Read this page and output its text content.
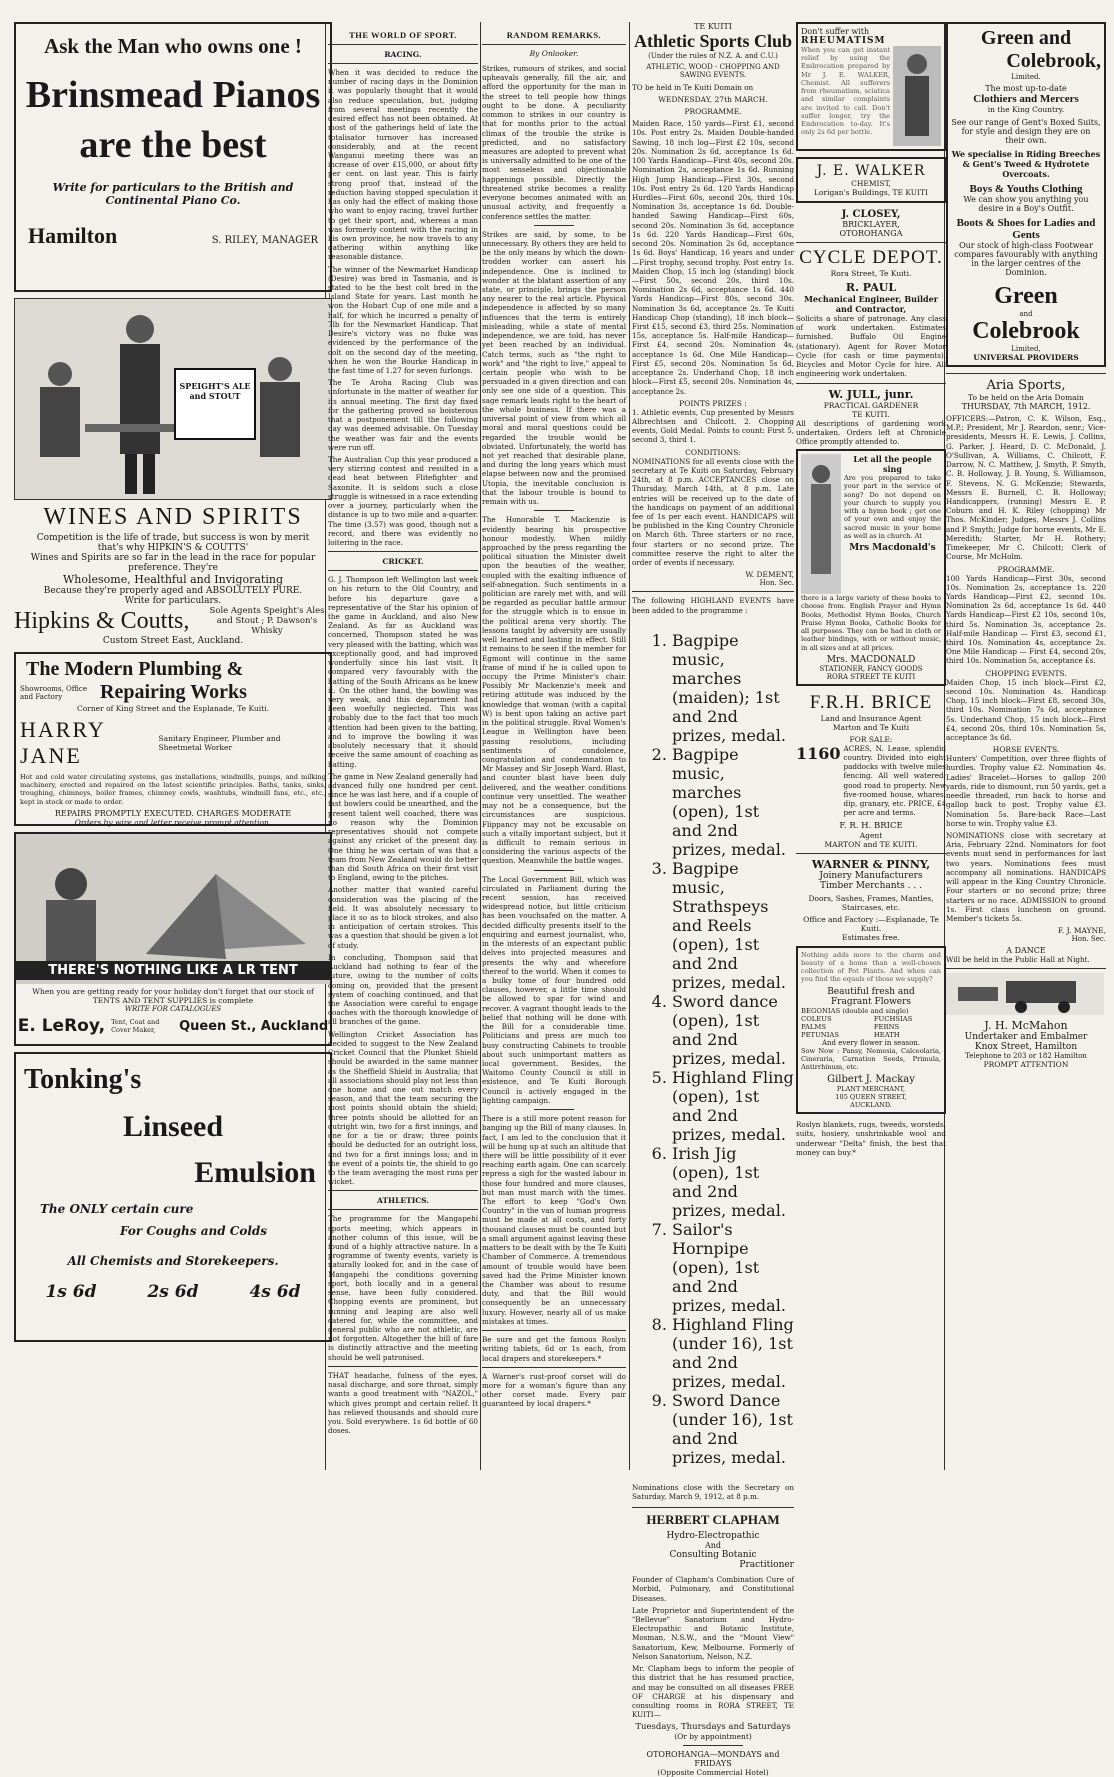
Ask the Man who owns one !
Brinsmead Pianos
are the best
Write for particulars to the British and Continental Piano Co.
Hamilton	S. RILEY, MANAGER
SPEIGHT'S ALE and STOUT
WINES AND SPIRITS
Competition is the life of trade, but success is won by merit
that's why HIPKIN'S & COUTTS'
Wines and Spirits are so far in the lead in the race for popular preference. They're
Wholesome, Healthful and Invigorating
Because they're properly aged and ABSOLUTELY PURE.
Write for particulars.
Hipkins & Coutts,	Sole Agents Speight's Ales and Stout ; P. Dawson's Whisky
Custom Street East, Auckland.
The Modern Plumbing &
Showrooms, Office and Factory	Repairing Works
Corner of King Street and the Esplanade, Te Kuiti.
HARRY JANE
Sanitary Engineer, Plumber and Sheetmetal Worker
Hot and cold water circulating systems, gas installations, windmills, pumps, and milking machinery, erected and repaired on the latest scientific principles. Baths, tanks, sinks, troughing, chimneys, boiler frames, chimney cowls, washtubs, windmill fans, etc., etc., kept in stock or made to order.
REPAIRS PROMPTLY EXECUTED. CHARGES MODERATE
Orders by wire and letter receive prompt attention.
THERE'S NOTHING LIKE A LR TENT
When you are getting ready for your holiday don't forget that our stock of TENTS AND TENT SUPPLIES is complete
WRITE FOR CATALOGUES
E. LeRoy, Tent, Coat and Cover Maker,	Queen St., Auckland
Tonking's
Linseed
Emulsion
The ONLY certain cure
For Coughs and Colds
All Chemists and Storekeepers.
1s 6d	2s 6d	4s 6d
THE WORLD OF SPORT.
RACING.

When it was decided to reduce the number of racing days in the Dominion it was popularly thought that it would also reduce speculation, but, judging from several meetings recently the desired effect has not been obtained. At most of the gatherings held of late the totalisator turnover has increased considerably, and at the recent Wanganui meeting there was an increase of over £15,000, or about fifty per cent. on last year. This is fairly strong proof that, instead of the reduction having stopped speculation it has only had the effect of making those who want to enjoy racing, travel further to get their sport, and, whereas a man was formerly content with the racing in his own province, he now travels to any gathering within anything like reasonable distance.

The winner of the Newmarket Handicap (Desire) was bred in Tasmania, and is stated to be the best colt bred in the Island State for years. Last month he won the Hobart Cup of one mile and a half, for which he incurred a penalty of 7lb for the Newmarket Handicap. That Desire's victory was no fluke was evidenced by the performance of the colt on the second day of the meeting, when he won the Bourke Handicap in the fast time of 1.27 for seven furlongs.

The Te Aroha Racing Club was unfortunate in the matter of weather for its annual meeting. The first day fixed for the gathering proved so boisterous that a postponement till the following day was deemed advisable. On Tuesday the weather was fair and the events were run off.

The Australian Cup this year produced a very stirring contest and resulted in a dead heat between Flitefighter and Saxonite. It is seldom such a close struggle is witnessed in a race extending over a journey, particularly when the distance is up to two mile and a-quarter. The time (3.57) was good, though not a record, and there was evidently no loitering in the race.

CRICKET.

G. J. Thompson left Wellington last week on his return to the Old Country, and before his departure gave a representative of the Star his opinion of the game in Auckland, and also New Zealand. As far as Auckland was concerned, Thompson stated he was very pleased with the batting, which was exceptionally good, and had improved wonderfully since his last visit. It compared very favourably with the batting of the South Africans as he knew it. On the other hand, the bowling was very weak, and this department had been woefully neglected. This was probably due to the fact that too much attention had been given to the batting, and to improve the bowling it was absolutely necessary that it should receive the same amount of coaching as batting.

The game in New Zealand generally had advanced fully one hundred per cent. since he was last here, and if a couple of fast bowlers could be unearthed, and the present talent well coached, there was no reason why the Dominion representatives should not compete against any cricket of the present day. One thing he was certain of was that a team from New Zealand would do better than did South Africa on their first visit to England, owing to the pitches.

Another matter that wanted careful consideration was the placing of the field. It was absolutely necessary to place it so as to block strokes, and also in anticipation of certain strokes. This was a question that should be given a lot of study.

In concluding, Thompson said that Auckland had nothing to fear of the future, owing to the number of colts coming on, provided that the present system of coaching continued, and that the Association were careful to engage coaches with the thorough knowledge of all branches of the game.

Wellington Cricket Association has decided to suggest to the New Zealand Cricket Council that the Plunket Shield should be awarded in the same manner as the Sheffield Shield in Australia; that all associations should play not less than one home and one out match every season, and that the team securing the most points should obtain the shield; three points should be allotted for an outright win, two for a first innings, and one for a tie or draw; three points should be deducted for an outright loss, and two for a first innings loss; and in the event of a points tie, the shield to go to the team averaging the most runs per wicket.

ATHLETICS.

The programme for the Mangapehi sports meeting, which appears in another column of this issue, will be found of a highly attractive nature. In a programme of twenty events, variety is naturally looked for, and in the case of Mangapehi the conditions governing sport, both locally and in a general sense, have been fully considered. Chopping events are prominent, but running and leaping are also well catered for, while the committee, and general public who are not athletic, are not forgotten. Altogether the bill of fare is distinctly attractive and the meeting should be well patronised.

THAT headache, fulness of the eyes, nasal discharge, and sore throat, simply wants a good treatment with "NAZOL," which gives prompt and certain relief. It has relieved thousands and should cure you. Sold everywhere. 1s 6d bottle of 60 doses.

RANDOM REMARKS.
By Onlooker.

Strikes, rumours of strikes, and social upheavals generally, fill the air, and afford the opportunity for the man in the street to tell people how things ought to be done. A peculiarity common to strikes in our country is that for months prior to the actual climax of the trouble the strike is predicted, and no satisfactory measures are adopted to prevent what is universally admitted to be one of the most senseless and objectionable happenings possible. Directly the threatened strike becomes a reality everyone becomes animated with an unusual activity, and frequently a conference settles the matter.

Strikes are said, by some, to be unnecessary. By others they are held to be the only means by which the down-trodden worker can assert his independence. One is inclined to wonder at the blatant assertion of any state, or principle, brings the person any nearer to the real article. Physical independence is affected by so many influences that the term is entirely misleading, while a state of mental independence, we are told, has never yet been reached by an individual. Catch terms, such as "the right to work" and "the right to live," appeal to certain people who wish to be persuaded in a given direction and can only see one side of a question. This sage remark leads right to the heart of the whole business. If there was a universal point of view from which all moral and moral questions could be regarded the trouble would be obviated. Unfortunately, the world has not yet reached that desirable plane, and during the long years which must elapse between now and the promised Utopia, the inevitable conclusion is that the labour trouble is bound to remain with us.

The Honorable T. Mackenzie is evidently bearing his prospective honour modestly. When mildly approached by the press regarding the political situation the Minister dwelt upon the beauties of the weather, coupled with the exalting influence of self-abnegation. Such sentiments in a politician are rarely met with, and will be regarded as peculiar battle armour for the struggle which is to ensue in the political arena very shortly. The lessons taught by adversity are usually well learned and lasting in effect. Still it remains to be seen if the member for Egmont will continue in the same frame of mind if he is called upon to occupy the Prime Minister's chair. Possibly Mr Mackenzie's meek and retiring attitude was induced by the knowledge that woman (with a capital W) is bent upon taking an active part in the political struggle. Rival Women's League in Wellington have been passing resolutions, including sentiments of condolence, congratulation and condemnation to Mr Massey and Sir Joseph Ward. Blast, and counter blast have been duly delivered, and the weather conditions continue very unsettled. The weather may not be a consequence, but the circumstances are suspicious. Flippancy may not be excusable on such a vitally important subject, but it is difficult to remain serious in considering the various aspects of the question. Meanwhile the battle wages.

The Local Government Bill, which was circulated in Parliament during the recent session, has received widespread notice, but little criticism has been vouchsafed on the matter. A decided difficulty presents itself to the enquiring and earnest journalist, who, in the interests of an expectant public delves into projected measures and presents the why and wherefore thereof to the world. When it comes to a bulky tome of four hundred odd clauses, however, a little time should be allowed to spar for wind and recover. A vagrant thought leads to the belief that nothing will be done with the Bill for a considerable time. Politicians and press are much too busy constructing Cabinets to trouble about such unimportant matters as local government. Besides, the Waitomo County Council is still in existence, and Te Kuiti Borough Council is actively engaged in the lighting campaign.

There is a still more potent reason for banging up the Bill of many clauses. In fact, I am led to the conclusion that it will be hung up at such an altitude that there will be little possibility of it ever reaching earth again. One can scarcely repress a sigh for the wasted labour in those four hundred and more clauses, but man must march with the times. The effort to keep "God's Own Country" in the van of human progress must be made at all costs, and forty thousand clauses must be counted but a small argument against leaving these matters to be dealt with by the Te Kuiti Chamber of Commerce. A tremendous amount of trouble would have been saved had the Prime Minister known the Chamber was about to resume duty, and that the Bill would consequently be an unnecessary luxury. However, nearly all of us make mistakes at times.

Be sure and get the famous Roslyn writing tablets, 6d or 1s each, from local drapers and storekeepers.*

A Warner's rust-proof corset will do more for a woman's figure than any other corset made. Every pair guaranteed by local drapers.*

TE KUITI
Athletic Sports Club
(Under the rules of N.Z. A. and C.U.)
ATHLETIC, WOOD - CHOPPING AND SAWING EVENTS.
TO be held in Te Kuiti Domain on
WEDNESDAY, 27th MARCH.
PROGRAMME.

Maiden Race, 150 yards—First £1, second 10s. Post entry 2s. Maiden Double-handed Sawing, 18 inch log—First £2 10s, second 20s. Nomination 2s 6d, acceptance 1s 6d. 100 Yards Handicap—First 40s, second 20s. Nomination 2s, acceptance 1s 6d. Running High Jump Handicap—First 30s, second 10s. Post entry 2s 6d. 120 Yards Handicap Hurdles—First 60s, second 20s, third 10s. Nomination 3s, acceptance 1s 6d. Double-handed Sawing Handicap—First 60s, second 20s. Nomination 3s 6d, acceptance 1s 6d. 220 Yards Handicap—First 60s, second 20s. Nomination 2s 6d, acceptance 1s 6d. Boys' Handicap, 16 years and under—First trophy, second trophy. Post entry 1s. Maiden Chop, 15 inch log (standing) block—First 50s, second 20s, third 10s. Nomination 2s 6d, acceptance 1s 6d. 440 Yards Handicap—First 80s, second 30s. Nomination 3s 6d, acceptance 2s. Te Kuiti Handicap Chop (standing), 18 inch block—First £15, second £3, third 25s. Nomination 15s, acceptance 5s. Half-mile Handicap—First £4, second 20s. Nomination 4s, acceptance 1s 6d. One Mile Handicap—First £5, second 20s. Nomination 5s 6d, acceptance 2s. Underhand Chop, 18 inch block—First £5, second 20s. Nomination 4s, acceptance 2s.

POINTS PRIZES :

1. Athletic events, Cup presented by Messrs Albrechtsen and Chilcott. 2. Chopping events, Gold Medal. Points to count: First 5, second 3, third 1.

CONDITIONS:

NOMINATIONS for all events close with the secretary at Te Kuiti on Saturday, February 24th, at 8 p.m. ACCEPTANCES close on Thursday, March 14th, at 8 p.m. Late entries will be received up to the date of the handicaps on payment of an additional fee of 1s per each event. HANDICAPS will be published in the King Country Chronicle on March 6th. Three starters or no race, four starters or no second prize. The committee reserve the right to alter the order of events if necessary.

W. DEMENT,
Hon. Sec.

The following HIGHLAND EVENTS have been added to the programme :

1. Bagpipe music, marches (maiden); 1st and 2nd prizes, medal.
2. Bagpipe music, marches (open), 1st and 2nd prizes, medal.
3. Bagpipe music, Strathspeys and Reels (open), 1st and 2nd prizes, medal.
4. Sword dance (open), 1st and 2nd prizes, medal.
5. Highland Fling (open), 1st and 2nd prizes, medal.
6. Irish Jig (open), 1st and 2nd prizes, medal.
7. Sailor's Hornpipe (open), 1st and 2nd prizes, medal.
8. Highland Fling (under 16), 1st and 2nd prizes, medal.
9. Sword Dance (under 16), 1st and 2nd prizes, medal.

Nominations close with the Secretary on Saturday, March 9, 1912, at 8 p.m.

HERBERT CLAPHAM
Hydro-Electropathic
And
Consulting Botanic
Practitioner

Founder of Clapham's Combination Cure of Morbid, Pulmonary, and Constitutional Diseases.

Late Proprietor and Superintendent of the "Bellevue" Sanatorium and Hydro-Electropathic and Botanic Institute, Mosman, N.S.W., and the "Mount View" Sanatorium, Kew, Melbourne. Formerly of Nelson Sanatorium, Nelson, N.Z.

Mr. Clapham begs to inform the people of this district that he has resumed practice, and may be consulted on all diseases FREE OF CHARGE at his dispensary and consulting rooms in RORA STREET, TE KUITI—

Tuesdays, Thursdays and Saturdays
(Or by appointment)
OTOROHANGA—MONDAYS and FRIDAYS
(Opposite Commercial Hotel)
Don't suffer with
RHEUMATISM

When you can get instant relief by using the Embrocation prepared by Mr J. E. WALKER, Chemist. All sufferers from rheumatism, sciatica and similar complaints are invited to call. Don't suffer longer, try the Embrocation to-day. It's only 2s 6d per bottle.

J. E. WALKER
CHEMIST,
Lorigan's Buildings, TE KUITI
J. CLOSEY,
BRICKLAYER,
OTOROHANGA
CYCLE DEPOT.
Rora Street, Te Kuiti.
R. PAUL
Mechanical Engineer, Builder and Contractor,

Solicits a share of patronage. Any class of work undertaken. Estimates furnished. Buffalo Oil Engine (stationary). Agent for Rover Motor Cycle (for cash or time payments). Bicycles and Motor Cycle for hire. All engineering work undertaken.

W. JULL, junr.
PRACTICAL GARDENER
TE KUITI.

All descriptions of gardening work undertaken. Orders left at Chronicle Office promptly attended to.

Let all the people sing

Are you prepared to take your part in the service of song? Do not depend on your church to supply you with a hymn book ; get one of your own and enjoy the sacred music in your home as well as in church. At

Mrs Macdonald's

there is a large variety of these books to choose from. English Prayer and Hymn Books, Methodist Hymn Books, Church Praise Hymn Books, Catholic Books for all purposes. They can be had in cloth or leather bindings, with or without music, in all sizes and at all prices.

Mrs. MACDONALD
STATIONER, FANCY GOODS
RORA STREET TE KUITI
F.R.H. BRICE
Land and Insurance Agent
Marton and Te Kuiti
FOR SALE:
1160 ACRES, N. Lease, splendid country. Divided into eight paddocks with twelve miles fencing. All well watered; good road to property. New five-roomed house, whares, dip, granary, etc. PRICE, £4 per acre and terms.

F. R. H. BRICE
Agent
MARTON and TE KUITI.
WARNER & PINNY,
Joinery Manufacturers
Timber Merchants . . .
Doors, Sashes, Frames, Mantles, Staircases, etc.
Office and Factory :—Esplanade, Te Kuiti.
Estimates free.

Nothing adds more to the charm and beauty of a home than a well-chosen collection of Pot Plants. And when can you find the equals of those we supply?

Beautiful fresh and
Fragrant Flowers
BEGONIAS (double and single)
COLEUS	FUCHSIAS
PALMS	FERNS
PETUNIAS	HEATH
And every flower in season.

Sow Now : Pansy, Nemesia, Calceolaria, Cineraria, Carnation Seeds, Primula, Antirrhinum, etc.

Gilbert J. Mackay
PLANT MERCHANT,
105 QUEEN STREET,
AUCKLAND.

Roslyn blankets, rugs, tweeds, worsteds, suits, hosiery, unshrinkable wool and underwear "Delta" finish, the best that money can buy.*

Green and
Colebrook,
Limited.
The most up-to-date
Clothiers and Mercers
in the King Country.
See our range of Gent's Boxed Suits, for style and design they are on their own.
We specialise in Riding Breeches & Gent's Tweed & Hydrotete Overcoats.
Boys & Youths Clothing
We can show you anything you desire in a Boy's Outfit.
Boots & Shoes for Ladies and Gents
Our stock of high-class Footwear compares favourably with anything in the larger centres of the Dominion.
Green
and
Colebrook
Limited,
UNIVERSAL PROVIDERS
Aria Sports,
To be held on the Aria Domain
THURSDAY, 7th MARCH, 1912.

OFFICERS:—Patron, C. K. Wilson, Esq., M.P.; President, Mr J. Reardon, senr.; Vice-presidents, Messrs H. E. Lewis, J. Collins, G. Parker, J. Heard, D. C. McDonald, J. O'Sullivan, A. Williams, C. Chilcott, F. Darrow, N. C. Matthew, J. Smyth, P. Smyth, C. B. Holloway, J. B. Young, S. Williamson, F. Stevens, N. G. McKenzie; Stewards, Messrs E. Burnell, C. B. Holloway; Handicappers, (running) Messrs E. P. Coburn and H. K. Riley (chopping) Mr Thos. McKinder; Judges, Messrs J. Collins and P. Smyth; Judge for horse events, Mr E. Meredith; Starter, Mr H. Rothery; Timekeeper, Mr C. Chilcott; Clerk of Course, Mr McHolm.

PROGRAMME.

100 Yards Handicap—First 30s, second 10s. Nomination 2s, acceptance 1s. 220 Yards Handicap—First £2, second 10s. Nomination 2s 6d, acceptance 1s 6d. 440 Yards Handicap—First £2 10s, second 10s, third 5s. Nomination 3s, acceptance 2s. Half-mile Handicap — First £3, second £1, third 10s. Nomination 4s, acceptance 2s. One Mile Handicap — First £4, second 20s, third 10s. Nomination 5s, acceptance £s.

CHOPPING EVENTS.

Maiden Chop, 15 inch block—First £2, second 10s. Nomination 4s. Handicap Chop, 15 inch block—First £8, second 30s, third 10s. Nomination 7s 6d, acceptance 5s. Underhand Chop, 15 inch block—First £4, second 20s, third 10s. Nomination 5s, acceptance 3s 6d.

HORSE EVENTS.

Hunters' Competition, over three flights of hurdles. Trophy value £2. Nomination 4s. Ladies' Bracelet—Horses to gallop 200 yards, ride to dismount, run 50 yards, get a needle threaded, run back to horse and gallop back to post. Trophy value £3. Nomination 5s. Bare-back Race—Last horse to win. Trophy value £3.

NOMINATIONS close with secretary at Aria, February 22nd. Nominators for foot events must send in performances for last two years. Nominations fees must accompany all nominations. HANDICAPS will appear in the King Country Chronicle. Four starters or no second prize; three starters or no race. ADMISSION to ground 1s. First class luncheon on ground. Member's tickets 5s.

F. J. MAYNE,
Hon. Sec.
A DANCE

Will be held in the Public Hall at Night.

J. H. McMahon
Undertaker and Embalmer
Knox Street, Hamilton
Telephone to 203 or 182 Hamilton
PROMPT ATTENTION
